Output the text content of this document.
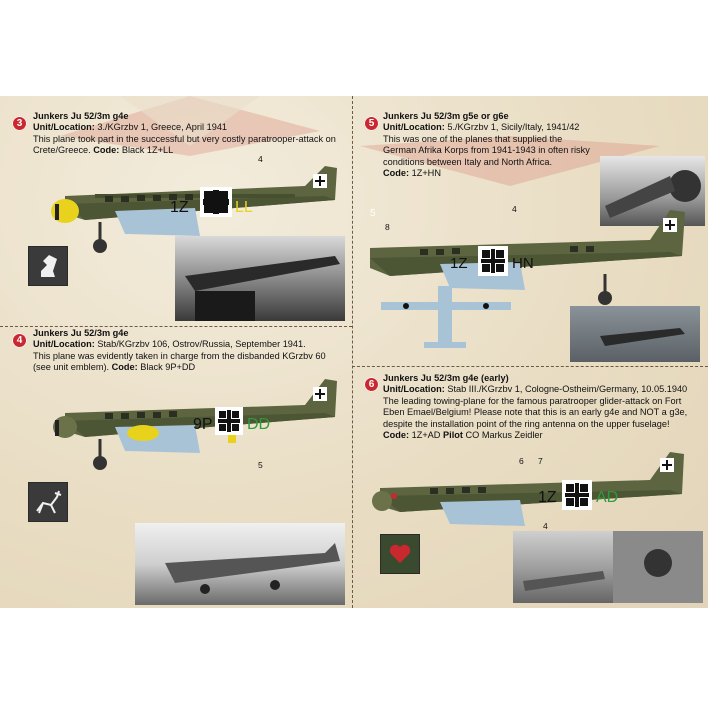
3
Junkers Ju 52/3m g4e
Unit/Location: 3./KGrzbv 1, Greece, April 1941
This plane took part in the successful but very costly paratrooper-attack on Crete/Greece. Code: Black 1Z+LL
1Z	LL
4
4
Junkers Ju 52/3m g4e
Unit/Location: Stab/KGrzbv 106, Ostrov/Russia, September 1941.
This plane was evidently taken in charge from the disbanded KGrzbv 60 (see unit emblem). Code: Black 9P+DD
9P DD
5
5
Junkers Ju 52/3m g5e or g6e
Unit/Location: 5./KGrzbv 1, Sicily/Italy, 1941/42
This was one of the planes that supplied the German Afrika Korps from 1941-1943 in often risky conditions between Italy and North Africa.
Code: 1Z+HN
1Z	HN
4
5
8
6
Junkers Ju 52/3m g4e (early)
Unit/Location: Stab III./KGrzbv 1, Cologne-Ostheim/Germany, 10.05.1940
The leading towing-plane for the famous paratrooper glider-attack on Fort Eben Emael/Belgium! Please note that this is an early g4e and NOT a g3e, despite the installation point of the ring antenna on the upper fuselage!
Code: 1Z+AD Pilot CO Markus Zeidler
1Z AD
6 7
4
